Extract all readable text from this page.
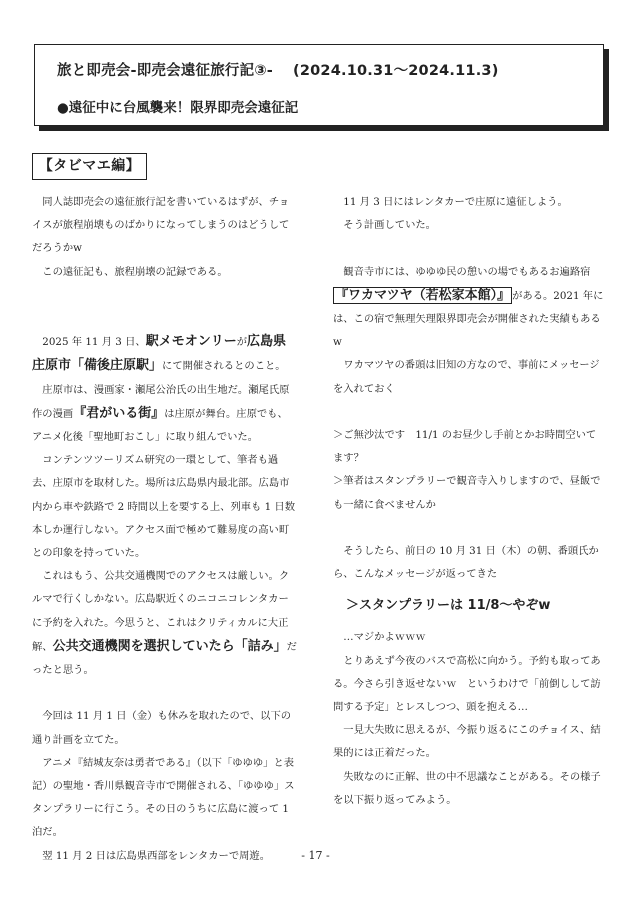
旅と即売会-即売会遠征旅行記③- (2024.10.31〜2024.11.3)
●遠征中に台風襲来！限界即売会遠征記
【タビマエ編】

同人誌即売会の遠征旅行記を書いているはずが、チョイスが旅程崩壊ものばかりになってしまうのはどうしてだろうかw

この遠征記も、旅程崩壊の記録である。

2025 年 11 月 3 日、駅メモオンリーが広島県庄原市「備後庄原駅」にて開催されるとのこと。

庄原市は、漫画家・瀬尾公治氏の出生地だ。瀬尾氏原作の漫画『君がいる街』は庄原が舞台。庄原でも、アニメ化後「聖地町おこし」に取り組んでいた。

コンテンツツーリズム研究の一環として、筆者も過去、庄原市を取材した。場所は広島県内最北部。広島市内から車や鉄路で 2 時間以上を要する上、列車も 1 日数本しか運行しない。アクセス面で極めて難易度の高い町との印象を持っていた。

これはもう、公共交通機関でのアクセスは厳しい。クルマで行くしかない。広島駅近くのニコニコレンタカーに予約を入れた。今思うと、これはクリティカルに大正解、公共交通機関を選択していたら「詰み」だったと思う。

今回は 11 月 1 日（金）も休みを取れたので、以下の通り計画を立てた。

アニメ『結城友奈は勇者である』（以下「ゆゆゆ」と表記）の聖地・香川県観音寺市で開催される、「ゆゆゆ」スタンプラリーに行こう。その日のうちに広島に渡って 1 泊だ。

翌 11 月 2 日は広島県西部をレンタカーで周遊。

11 月 3 日にはレンタカーで庄原に遠征しよう。

そう計画していた。

観音寺市には、ゆゆゆ民の憩いの場でもあるお遍路宿『ワカマツヤ（若松家本館）』 がある。2021 年には、この宿で無理矢理限界即売会が開催された実績もあるw

ワカマツヤの番頭は旧知の方なので、事前にメッセージを入れておく

＞ご無沙汰です　11/1 のお昼少し手前とかお時間空いてます？

＞筆者はスタンプラリーで観音寺入りしますので、昼飯でも一緒に食べませんか

そうしたら、前日の 10 月 31 日（木）の朝、番頭氏から、こんなメッセージが返ってきた

＞スタンプラリーは 11/8〜やぞw

…マジかよｗｗｗ

とりあえず今夜のバスで高松に向かう。予約も取ってある。今さら引き返せないｗ　というわけで「前倒しして訪問する予定」とレスしつつ、頭を抱える…

一見大失敗に思えるが、今振り返るにこのチョイス、結果的には正着だった。

失敗なのに正解、世の中不思議なことがある。その様子を以下振り返ってみよう。

- 17 -
